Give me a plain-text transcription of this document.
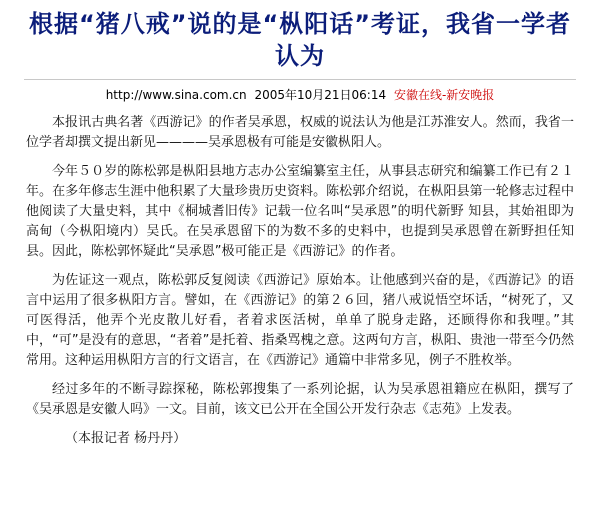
根据“猪八戒”说的是“枞阳话”考证，我省一学者认为
http://www.sina.com.cn 2005年10月21日06:14 安徽在线-新安晚报

本报讯古典名著《西游记》的作者吴承恩，权威的说法认为他是江苏淮安人。然而，我省一位学者却撰文提出新见————吴承恩极有可能是安徽枞阳人。

今年５０岁的陈松郭是枞阳县地方志办公室编纂室主任，从事县志研究和编纂工作已有２１年。在多年修志生涯中他积累了大量珍贵历史资料。陈松郭介绍说，在枞阳县第一轮修志过程中他阅读了大量史料，其中《桐城耆旧传》记载一位名叫“吴承恩”的明代新野 知县，其始祖即为高甸（今枞阳境内）吴氏。在吴承恩留下的为数不多的史料中，也提到吴承恩曾在新野担任知县。因此，陈松郭怀疑此“吴承恩”极可能正是《西游记》的作者。

为佐证这一观点，陈松郭反复阅读《西游记》原始本。让他感到兴奋的是，《西游记》的语言中运用了很多枞阳方言。譬如，在《西游记》的第２６回，猪八戒说悟空坏话，“树死了，又可医得活，他弄个光皮散儿好看，者着求医活树，单单了脱身走路，还顾得你和我哩。”其中，“可”是没有的意思，“者着”是托着、指桑骂槐之意。这两句方言，枞阳、贵池一带至今仍然常用。这种运用枞阳方言的行文语言，在《西游记》通篇中非常多见，例子不胜枚举。

经过多年的不断寻踪探秘，陈松郭搜集了一系列论据，认为吴承恩祖籍应在枞阳，撰写了《吴承恩是安徽人吗》一文。目前，该文已公开在全国公开发行杂志《志苑》上发表。

（本报记者 杨丹丹）
